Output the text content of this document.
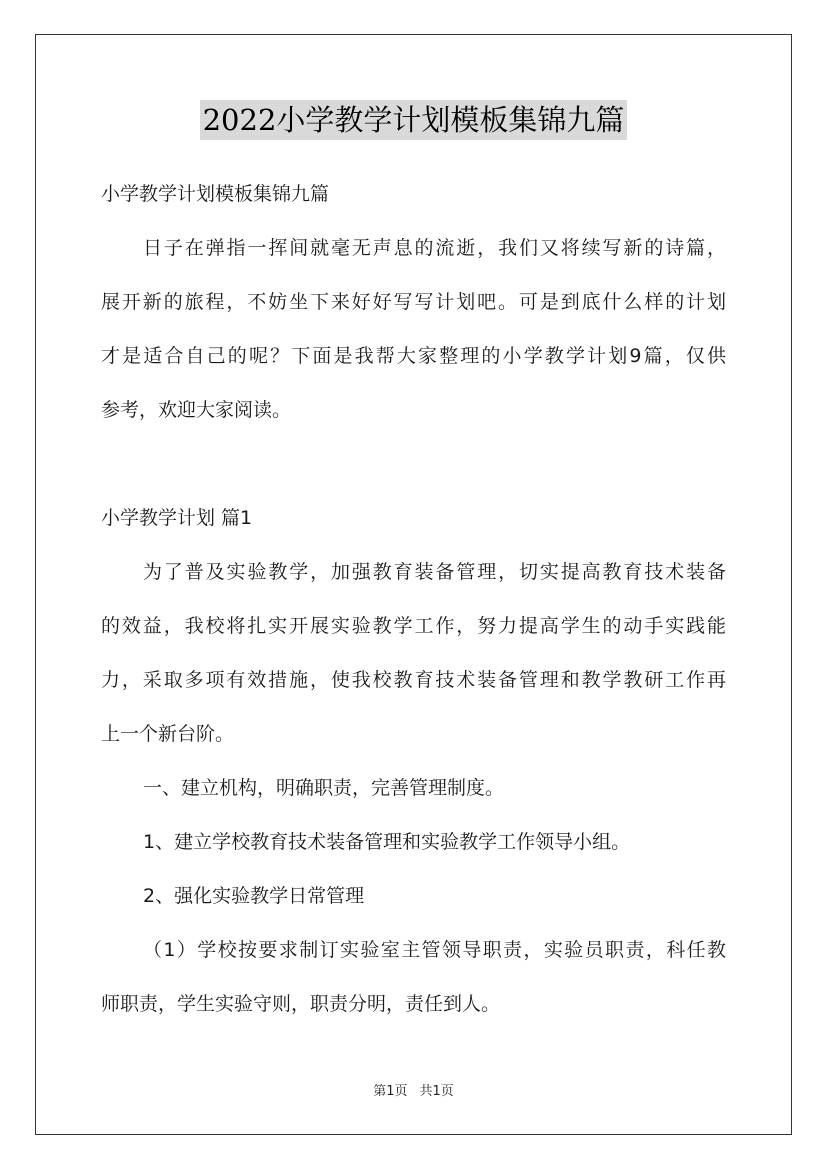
2022小学教学计划模板集锦九篇
小学教学计划模板集锦九篇
日子在弹指一挥间就毫无声息的流逝，我们又将续写新的诗篇，
展开新的旅程，不妨坐下来好好写写计划吧。可是到底什么样的计划
才是适合自己的呢？下面是我帮大家整理的小学教学计划9篇，仅供
参考，欢迎大家阅读。
小学教学计划 篇1
为了普及实验教学，加强教育装备管理，切实提高教育技术装备
的效益，我校将扎实开展实验教学工作，努力提高学生的动手实践能
力，采取多项有效措施，使我校教育技术装备管理和教学教研工作再
上一个新台阶。
一、建立机构，明确职责，完善管理制度。
1、建立学校教育技术装备管理和实验教学工作领导小组。
2、强化实验教学日常管理
（1）学校按要求制订实验室主管领导职责，实验员职责，科任教
师职责，学生实验守则，职责分明，责任到人。
第1页 共1页
